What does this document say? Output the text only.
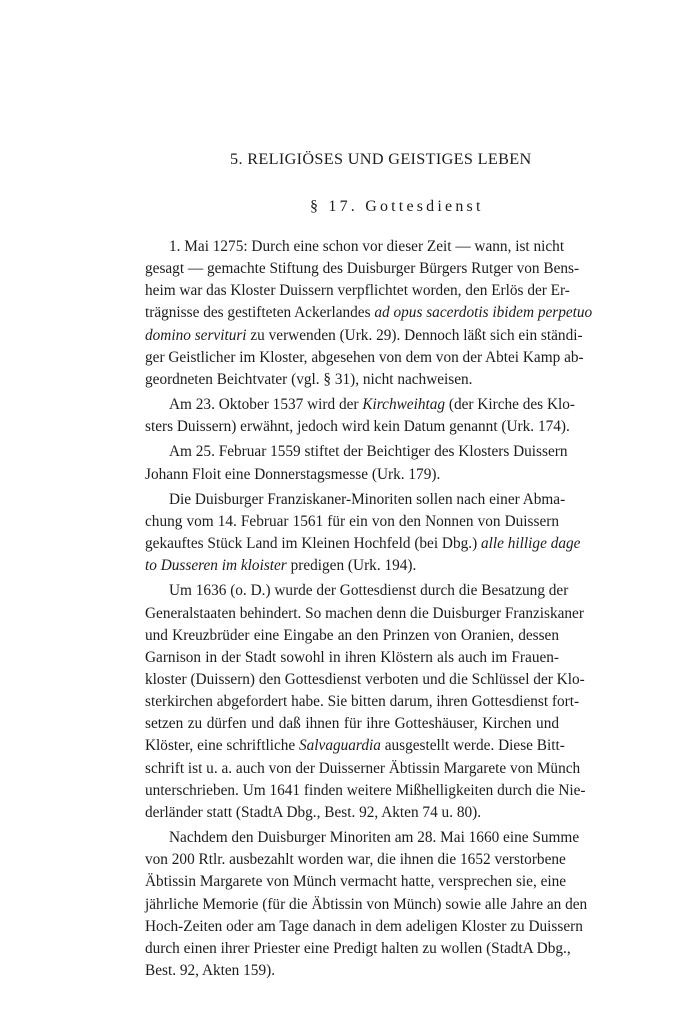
5. RELIGIÖSES UND GEISTIGES LEBEN
§ 17. Gottesdienst

1. Mai 1275: Durch eine schon vor dieser Zeit — wann, ist nicht
gesagt — gemachte Stiftung des Duisburger Bürgers Rutger von Bens-
heim war das Kloster Duissern verpflichtet worden, den Erlös der Er-
trägnisse des gestifteten Ackerlandes ad opus sacerdotis ibidem perpetuo
domino servituri zu verwenden (Urk. 29). Dennoch läßt sich ein ständi-
ger Geistlicher im Kloster, abgesehen von dem von der Abtei Kamp ab-
geordneten Beichtvater (vgl. § 31), nicht nachweisen.

Am 23. Oktober 1537 wird der Kirchweihtag (der Kirche des Klo-
sters Duissern) erwähnt, jedoch wird kein Datum genannt (Urk. 174).

Am 25. Februar 1559 stiftet der Beichtiger des Klosters Duissern
Johann Floit eine Donnerstagsmesse (Urk. 179).

Die Duisburger Franziskaner-Minoriten sollen nach einer Abma-
chung vom 14. Februar 1561 für ein von den Nonnen von Duissern
gekauftes Stück Land im Kleinen Hochfeld (bei Dbg.) alle hillige dage
to Dusseren im kloister predigen (Urk. 194).

Um 1636 (o. D.) wurde der Gottesdienst durch die Besatzung der
Generalstaaten behindert. So machen denn die Duisburger Franziskaner
und Kreuzbrüder eine Eingabe an den Prinzen von Oranien, dessen
Garnison in der Stadt sowohl in ihren Klöstern als auch im Frauen-
kloster (Duissern) den Gottesdienst verboten und die Schlüssel der Klo-
sterkirchen abgefordert habe. Sie bitten darum, ihren Gottesdienst fort-
setzen zu dürfen und daß ihnen für ihre Gotteshäuser, Kirchen und
Klöster, eine schriftliche Salvaguardia ausgestellt werde. Diese Bitt-
schrift ist u. a. auch von der Duisserner Äbtissin Margarete von Münch
unterschrieben. Um 1641 finden weitere Mißhelligkeiten durch die Nie-
derländer statt (StadtA Dbg., Best. 92, Akten 74 u. 80).

Nachdem den Duisburger Minoriten am 28. Mai 1660 eine Summe
von 200 Rtlr. ausbezahlt worden war, die ihnen die 1652 verstorbene
Äbtissin Margarete von Münch vermacht hatte, versprechen sie, eine
jährliche Memorie (für die Äbtissin von Münch) sowie alle Jahre an den
Hoch-Zeiten oder am Tage danach in dem adeligen Kloster zu Duissern
durch einen ihrer Priester eine Predigt halten zu wollen (StadtA Dbg.,
Best. 92, Akten 159).
